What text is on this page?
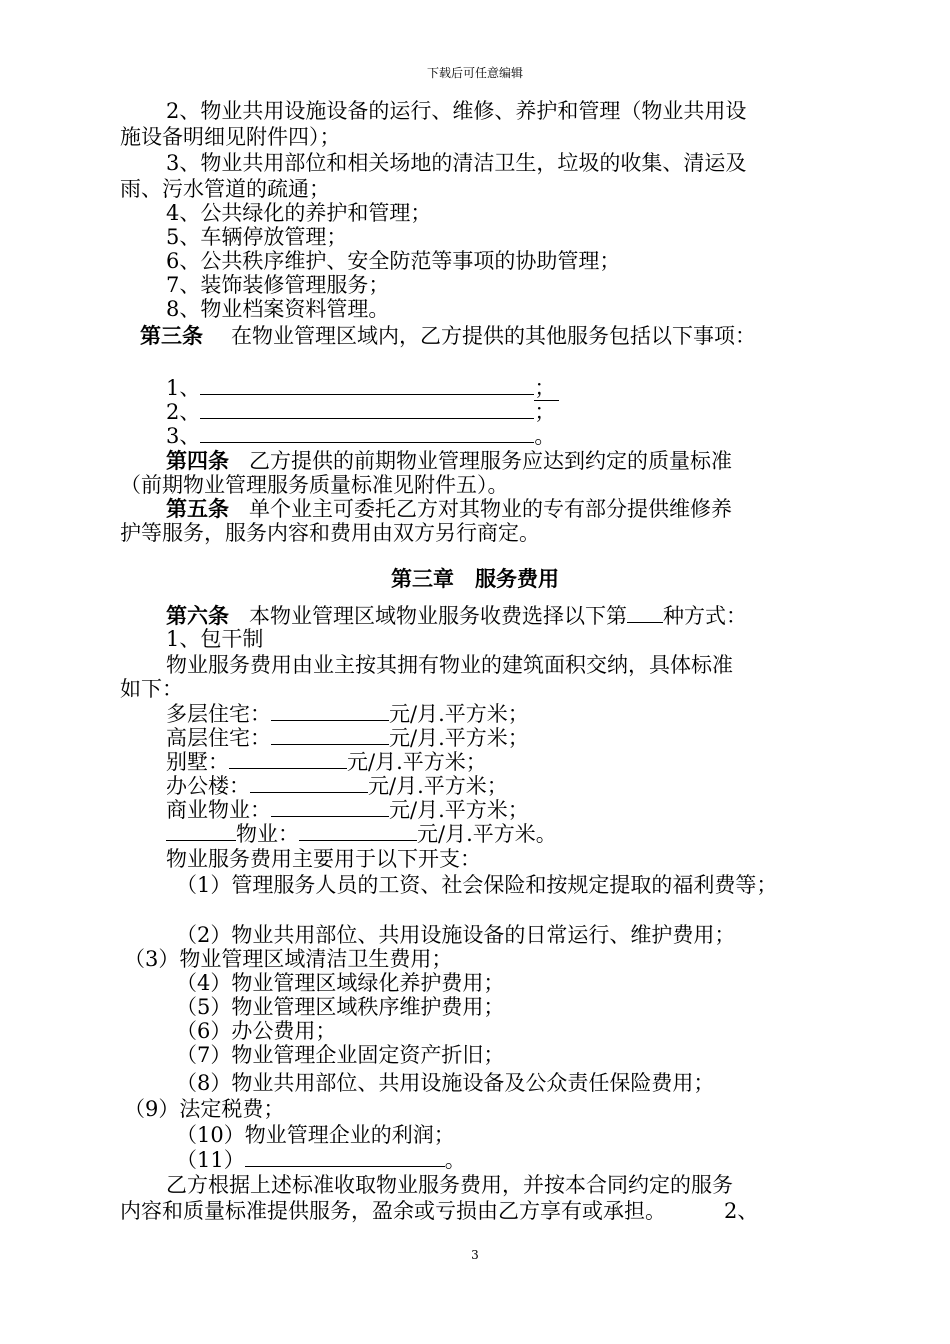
下载后可任意编辑
2、物业共用设施设备的运行、维修、养护和管理（物业共用设
施设备明细见附件四）；
3、物业共用部位和相关场地的清洁卫生，垃圾的收集、清运及
雨、污水管道的疏通；
4、公共绿化的养护和管理；
5、车辆停放管理；
6、公共秩序维护、安全防范等事项的协助管理；
7、装饰装修管理服务；
8、物业档案资料管理。
第三条 在物业管理区域内，乙方提供的其他服务包括以下事项：
1、	；
2、	；
3、	。
第四条 乙方提供的前期物业管理服务应达到约定的质量标准
（前期物业管理服务质量标准见附件五）。
第五条 单个业主可委托乙方对其物业的专有部分提供维修养
护等服务，服务内容和费用由双方另行商定。
第三章　服务费用
第六条 本物业管理区域物业服务收费选择以下第 种方式：
1、包干制
物业服务费用由业主按其拥有物业的建筑面积交纳，具体标准
如下：
多层住宅：	元/月.平方米；
高层住宅：	元/月.平方米；
别墅：	元/月.平方米；
办公楼：	元/月.平方米；
商业物业：	元/月.平方米；
物业：	元/月.平方米。
物业服务费用主要用于以下开支：
（1）管理服务人员的工资、社会保险和按规定提取的福利费等；
（2）物业共用部位、共用设施设备的日常运行、维护费用；
（3）物业管理区域清洁卫生费用；
（4）物业管理区域绿化养护费用；
（5）物业管理区域秩序维护费用；
（6）办公费用；
（7）物业管理企业固定资产折旧；
（8）物业共用部位、共用设施设备及公众责任保险费用；
（9）法定税费；
（10）物业管理企业的利润；
（11）	。
乙方根据上述标准收取物业服务费用，并按本合同约定的服务
内容和质量标准提供服务，盈余或亏损由乙方享有或承担。	2、
3
